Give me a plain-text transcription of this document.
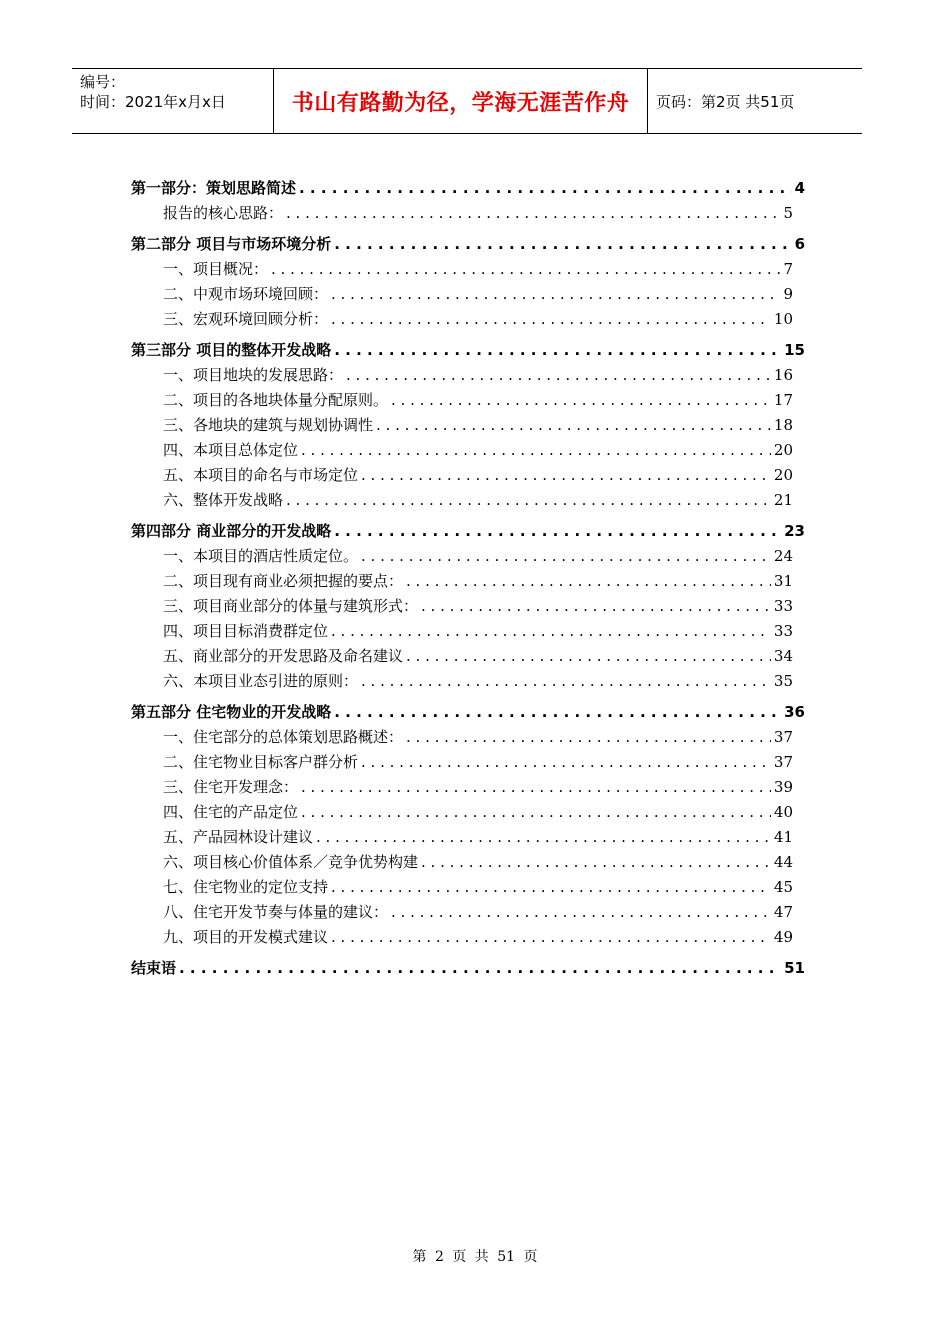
编号：
时间：2021年x月x日	书山有路勤为径，学海无涯苦作舟	页码：第2页 共51页
第一部分：策划思路简述 . . .	4
报告的核心思路： . . .	5
第二部分 项目与市场环境分析 . . .	6
一、项目概况： . . .	7
二、中观市场环境回顾： . . .	9
三、宏观环境回顾分析： . . .	10
第三部分 项目的整体开发战略 . . .	15
一、项目地块的发展思路： . . .	16
二、项目的各地块体量分配原则。 . . .	17
三、各地块的建筑与规划协调性 . . .	18
四、本项目总体定位 . . .	20
五、本项目的命名与市场定位 . . .	20
六、整体开发战略 . . .	21
第四部分 商业部分的开发战略 . . .	23
一、本项目的酒店性质定位。 . . .	24
二、项目现有商业必须把握的要点： . . .	31
三、项目商业部分的体量与建筑形式： . . .	33
四、项目目标消费群定位 . . .	33
五、商业部分的开发思路及命名建议 . . .	34
六、本项目业态引进的原则： . . .	35
第五部分 住宅物业的开发战略 . . .	36
一、住宅部分的总体策划思路概述： . . .	37
二、住宅物业目标客户群分析 . . .	37
三、住宅开发理念： . . .	39
四、住宅的产品定位 . . .	40
五、产品园林设计建议 . . .	41
六、项目核心价值体系／竞争优势构建 . . .	44
七、住宅物业的定位支持 . . .	45
八、住宅开发节奏与体量的建议： . . .	47
九、项目的开发模式建议 . . .	49
结束语 . . .	51
第 2 页 共 51 页
